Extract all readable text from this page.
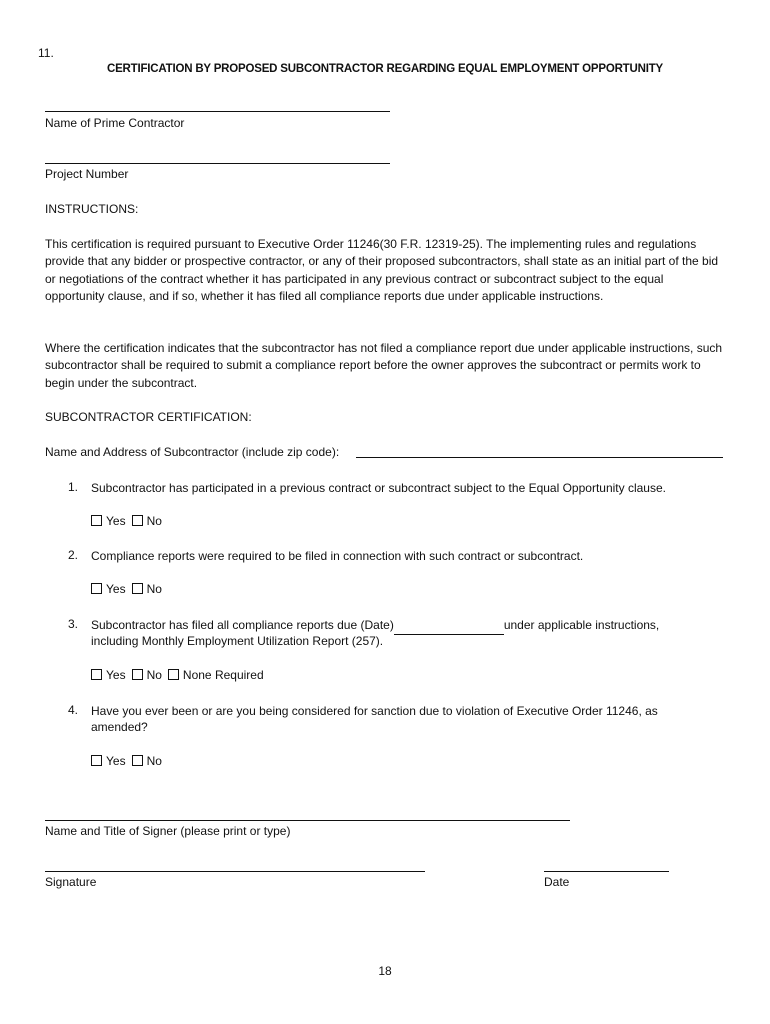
11.
CERTIFICATION BY PROPOSED SUBCONTRACTOR REGARDING EQUAL EMPLOYMENT OPPORTUNITY
Name of Prime Contractor
Project Number
INSTRUCTIONS:
This certification is required pursuant to Executive Order 11246(30 F.R. 12319-25). The implementing rules and regulations provide that any bidder or prospective contractor, or any of their proposed subcontractors, shall state as an initial part of the bid or negotiations of the contract whether it has participated in any previous contract or subcontract subject to the equal opportunity clause, and if so, whether it has filed all compliance reports due under applicable instructions.
Where the certification indicates that the subcontractor has not filed a compliance report due under applicable instructions, such subcontractor shall be required to submit a compliance report before the owner approves the subcontract or permits work to begin under the subcontract.
SUBCONTRACTOR CERTIFICATION:
Name and Address of Subcontractor (include zip code):
1. Subcontractor has participated in a previous contract or subcontract subject to the Equal Opportunity clause.
Yes No
2. Compliance reports were required to be filed in connection with such contract or subcontract.
Yes No
3. Subcontractor has filed all compliance reports due (Date)	under applicable instructions,
including Monthly Employment Utilization Report (257).
Yes No None Required
4. Have you ever been or are you being considered for sanction due to violation of Executive Order 11246, as
amended?
Yes No
Name and Title of Signer (please print or type)
Signature	Date
18
